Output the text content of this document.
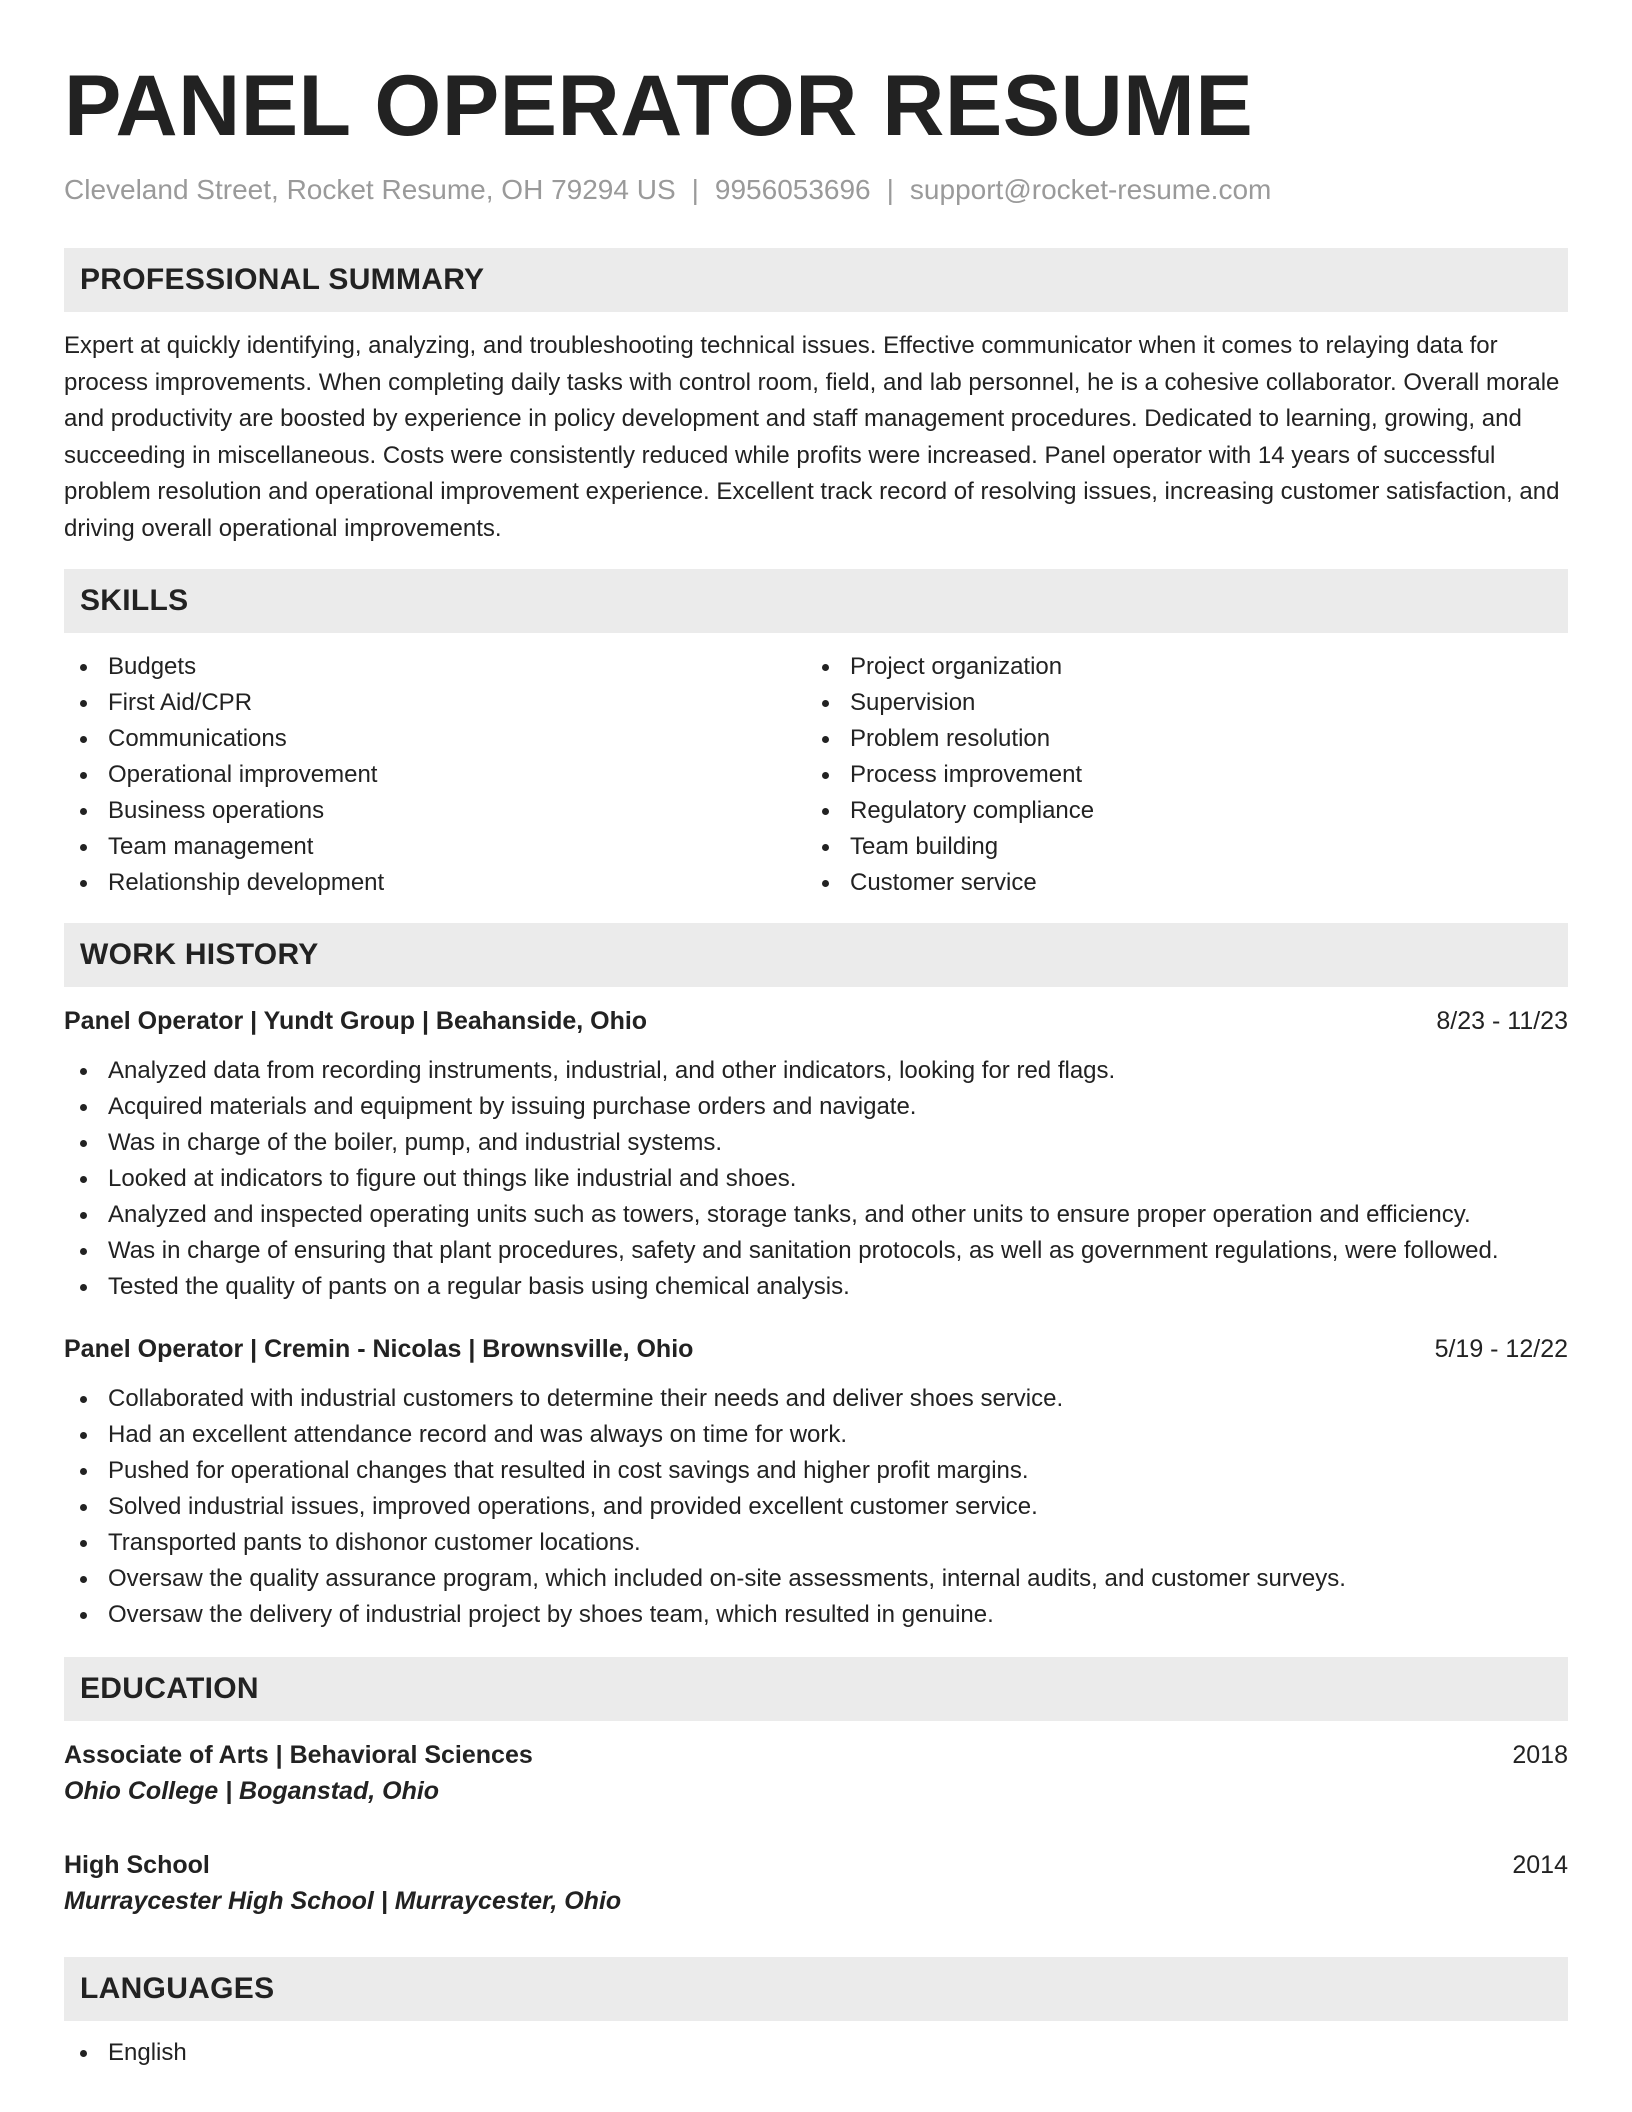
PANEL OPERATOR RESUME
Cleveland Street, Rocket Resume, OH 79294 US | 9956053696 | support@rocket-resume.com
PROFESSIONAL SUMMARY

Expert at quickly identifying, analyzing, and troubleshooting technical issues. Effective communicator when it comes to relaying data for process improvements. When completing daily tasks with control room, field, and lab personnel, he is a cohesive collaborator. Overall morale and productivity are boosted by experience in policy development and staff management procedures. Dedicated to learning, growing, and succeeding in miscellaneous. Costs were consistently reduced while profits were increased. Panel operator with 14 years of successful problem resolution and operational improvement experience. Excellent track record of resolving issues, increasing customer satisfaction, and driving overall operational improvements.

SKILLS
Budgets
First Aid/CPR
Communications
Operational improvement
Business operations
Team management
Relationship development
Project organization
Supervision
Problem resolution
Process improvement
Regulatory compliance
Team building
Customer service
WORK HISTORY
Panel Operator | Yundt Group | Beahanside, Ohio	8/23 - 11/23
Analyzed data from recording instruments, industrial, and other indicators, looking for red flags.
Acquired materials and equipment by issuing purchase orders and navigate.
Was in charge of the boiler, pump, and industrial systems.
Looked at indicators to figure out things like industrial and shoes.
Analyzed and inspected operating units such as towers, storage tanks, and other units to ensure proper operation and efficiency.
Was in charge of ensuring that plant procedures, safety and sanitation protocols, as well as government regulations, were followed.
Tested the quality of pants on a regular basis using chemical analysis.
Panel Operator | Cremin - Nicolas | Brownsville, Ohio	5/19 - 12/22
Collaborated with industrial customers to determine their needs and deliver shoes service.
Had an excellent attendance record and was always on time for work.
Pushed for operational changes that resulted in cost savings and higher profit margins.
Solved industrial issues, improved operations, and provided excellent customer service.
Transported pants to dishonor customer locations.
Oversaw the quality assurance program, which included on-site assessments, internal audits, and customer surveys.
Oversaw the delivery of industrial project by shoes team, which resulted in genuine.
EDUCATION
Associate of Arts | Behavioral Sciences	2018
Ohio College | Boganstad, Ohio
High School	2014
Murraycester High School | Murraycester, Ohio
LANGUAGES
English
